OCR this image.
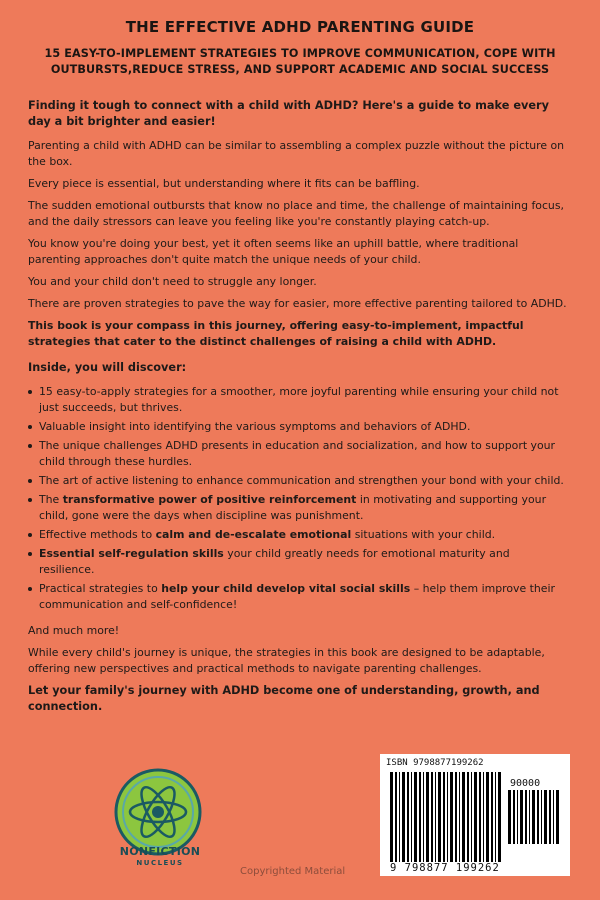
THE EFFECTIVE ADHD PARENTING GUIDE
15 EASY-TO-IMPLEMENT STRATEGIES TO IMPROVE COMMUNICATION, COPE WITH
OUTBURSTS,REDUCE STRESS, AND SUPPORT ACADEMIC AND SOCIAL SUCCESS

Finding it tough to connect with a child with ADHD? Here's a guide to make every day a bit brighter and easier!

Parenting a child with ADHD can be similar to assembling a complex puzzle without the picture on the box.

Every piece is essential, but understanding where it fits can be baffling.

The sudden emotional outbursts that know no place and time, the challenge of maintaining focus, and the daily stressors can leave you feeling like you're constantly playing catch-up.

You know you're doing your best, yet it often seems like an uphill battle, where traditional parenting approaches don't quite match the unique needs of your child.

You and your child don't need to struggle any longer.

There are proven strategies to pave the way for easier, more effective parenting tailored to ADHD.

This book is your compass in this journey, offering easy-to-implement, impactful strategies that cater to the distinct challenges of raising a child with ADHD.

Inside, you will discover:

15 easy-to-apply strategies for a smoother, more joyful parenting while ensuring your child not just succeeds, but thrives.
Valuable insight into identifying the various symptoms and behaviors of ADHD.
The unique challenges ADHD presents in education and socialization, and how to support your child through these hurdles.
The art of active listening to enhance communication and strengthen your bond with your child.
The transformative power of positive reinforcement in motivating and supporting your child, gone were the days when discipline was punishment.
Effective methods to calm and de-escalate emotional situations with your child.
Essential self-regulation skills your child greatly needs for emotional maturity and resilience.
Practical strategies to help your child develop vital social skills – help them improve their communication and self-confidence!

And much more!

While every child's journey is unique, the strategies in this book are designed to be adaptable, offering new perspectives and practical methods to navigate parenting challenges.

Let your family's journey with ADHD become one of understanding, growth, and connection.

NONFICTION
NUCLEUS
ISBN 9798877199262
90000
9 798877 199262
Copyrighted Material
